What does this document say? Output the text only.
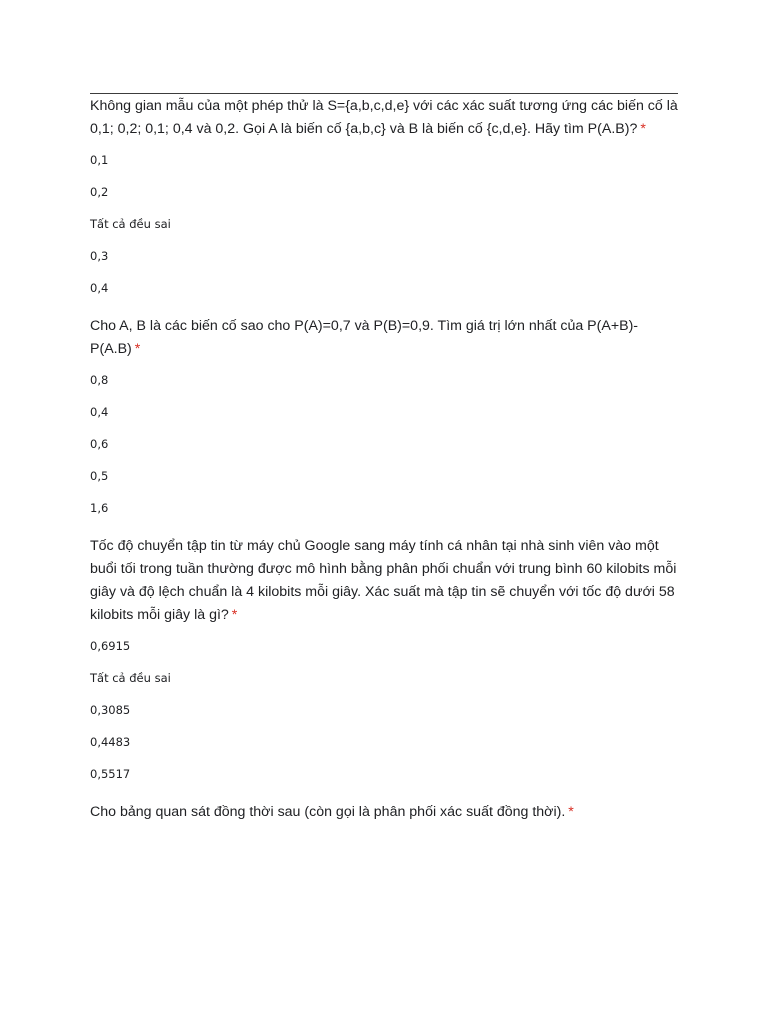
Không gian mẫu của một phép thử là S={a,b,c,d,e} với các xác suất tương ứng các biến cố là 0,1; 0,2; 0,1; 0,4 và 0,2. Gọi A là biến cố {a,b,c} và B là biến cố {c,d,e}. Hãy tìm P(A.B)? *

0,1
0,2
Tất cả đều sai
0,3
0,4

Cho A, B là các biến cố sao cho P(A)=0,7 và P(B)=0,9. Tìm giá trị lớn nhất của P(A+B)-P(A.B) *

0,8
0,4
0,6
0,5
1,6

Tốc độ chuyển tập tin từ máy chủ Google sang máy tính cá nhân tại nhà sinh viên vào một buổi tối trong tuần thường được mô hình bằng phân phối chuẩn với trung bình 60 kilobits mỗi giây và độ lệch chuẩn là 4 kilobits mỗi giây. Xác suất mà tập tin sẽ chuyển với tốc độ dưới 58 kilobits mỗi giây là gì? *

0,6915
Tất cả đều sai
0,3085
0,4483
0,5517

Cho bảng quan sát đồng thời sau (còn gọi là phân phối xác suất đồng thời). *
